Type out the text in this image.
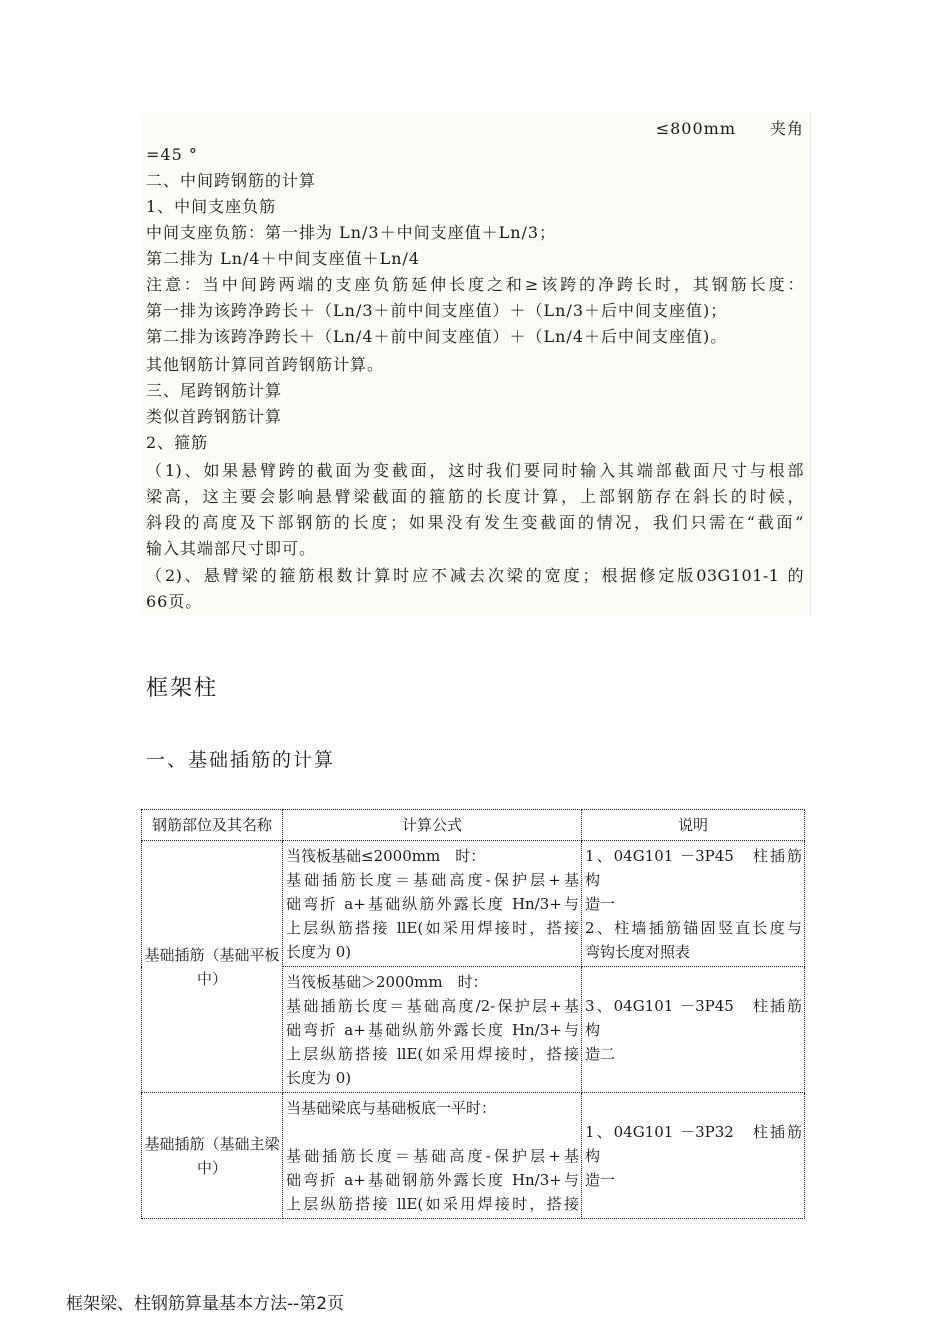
≤800mm　　夹角
=45 °
二、中间跨钢筋的计算
1、中间支座负筋
中间支座负筋：第一排为 Ln/3＋中间支座值＋Ln/3；
第二排为 Ln/4＋中间支座值＋Ln/4
注意：当中间跨两端的支座负筋延伸长度之和≥该跨的净跨长时，其钢筋长度：
第一排为该跨净跨长＋（Ln/3＋前中间支座值）＋（Ln/3＋后中间支座值)；
第二排为该跨净跨长＋（Ln/4＋前中间支座值）＋（Ln/4＋后中间支座值)。
其他钢筋计算同首跨钢筋计算。
三、尾跨钢筋计算
类似首跨钢筋计算
2、箍筋
（1)、如果悬臂跨的截面为变截面，这时我们要同时输入其端部截面尺寸与根部
梁高，这主要会影响悬臂梁截面的箍筋的长度计算，上部钢筋存在斜长的时候，
斜段的高度及下部钢筋的长度；如果没有发生变截面的情况，我们只需在“截面”
输入其端部尺寸即可。
（2)、悬臂梁的箍筋根数计算时应不减去次梁的宽度；根据修定版03G101-1 的
66页。
框架柱
一、基础插筋的计算
钢筋部位及其名称	计算公式	说明
基础插筋（基础平板中）	当筏板基础≤2000mm　时：
基础插筋长度＝基础高度-保护层+基
础弯折 a+基础纵筋外露长度 Hn/3+与
上层纵筋搭接 llE(如采用焊接时，搭接
长度为 0)	1、04G101 －3P45　柱插筋构
造一
2、柱墙插筋锚固竖直长度与
弯钩长度对照表

	当筏板基础＞2000mm　时：
基础插筋长度＝基础高度/2-保护层+基
础弯折 a+基础纵筋外露长度 Hn/3+与
上层纵筋搭接 llE(如采用焊接时，搭接
长度为 0)	3、04G101 －3P45　柱插筋构
造二

基础插筋（基础主梁中）	当基础梁底与基础板底一平时：
基础插筋长度＝基础高度-保护层+基
础弯折 a+基础钢筋外露长度 Hn/3+与
上层纵筋搭接 llE(如采用焊接时，搭接	1、04G101 －3P32　柱插筋构
造一
框架梁、柱钢筋算量基本方法--第2页
